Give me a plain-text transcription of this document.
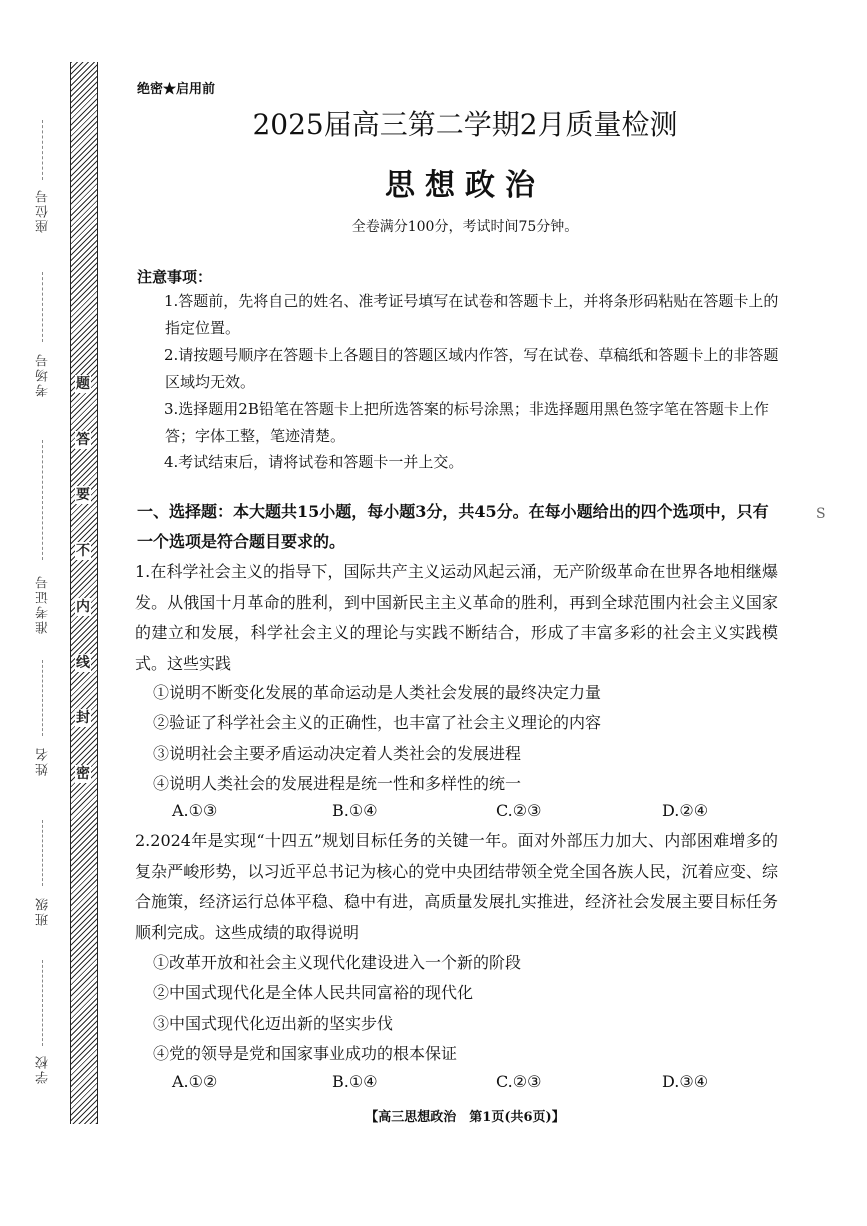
题
答
要
不
内
线
封
密
座位号
考场号
准考证号
姓名
班级
学校
绝密★启用前
2025届高三第二学期2月质量检测
思想政治
全卷满分100分，考试时间75分钟。
注意事项：
1.答题前，先将自己的姓名、准考证号填写在试卷和答题卡上，并将条形码粘贴在答题卡上的指定位置。
2.请按题号顺序在答题卡上各题目的答题区域内作答，写在试卷、草稿纸和答题卡上的非答题区域均无效。
3.选择题用2B铅笔在答题卡上把所选答案的标号涂黑；非选择题用黑色签字笔在答题卡上作答；字体工整，笔迹清楚。
4.考试结束后，请将试卷和答题卡一并上交。
一、选择题：本大题共15小题，每小题3分，共45分。在每小题给出的四个选项中，只有一个选项是符合题目要求的。
1.在科学社会主义的指导下，国际共产主义运动风起云涌，无产阶级革命在世界各地相继爆发。从俄国十月革命的胜利，到中国新民主主义革命的胜利，再到全球范围内社会主义国家的建立和发展，科学社会主义的理论与实践不断结合，形成了丰富多彩的社会主义实践模式。这些实践
①说明不断变化发展的革命运动是人类社会发展的最终决定力量
②验证了科学社会主义的正确性，也丰富了社会主义理论的内容
③说明社会主要矛盾运动决定着人类社会的发展进程
④说明人类社会的发展进程是统一性和多样性的统一
A.①③	B.①④	C.②③	D.②④
2.2024年是实现“十四五”规划目标任务的关键一年。面对外部压力加大、内部困难增多的复杂严峻形势，以习近平总书记为核心的党中央团结带领全党全国各族人民，沉着应变、综合施策，经济运行总体平稳、稳中有进，高质量发展扎实推进，经济社会发展主要目标任务顺利完成。这些成绩的取得说明
①改革开放和社会主义现代化建设进入一个新的阶段
②中国式现代化是全体人民共同富裕的现代化
③中国式现代化迈出新的坚实步伐
④党的领导是党和国家事业成功的根本保证
A.①②	B.①④	C.②③	D.③④
【高三思想政治　第1页(共6页)】
S
